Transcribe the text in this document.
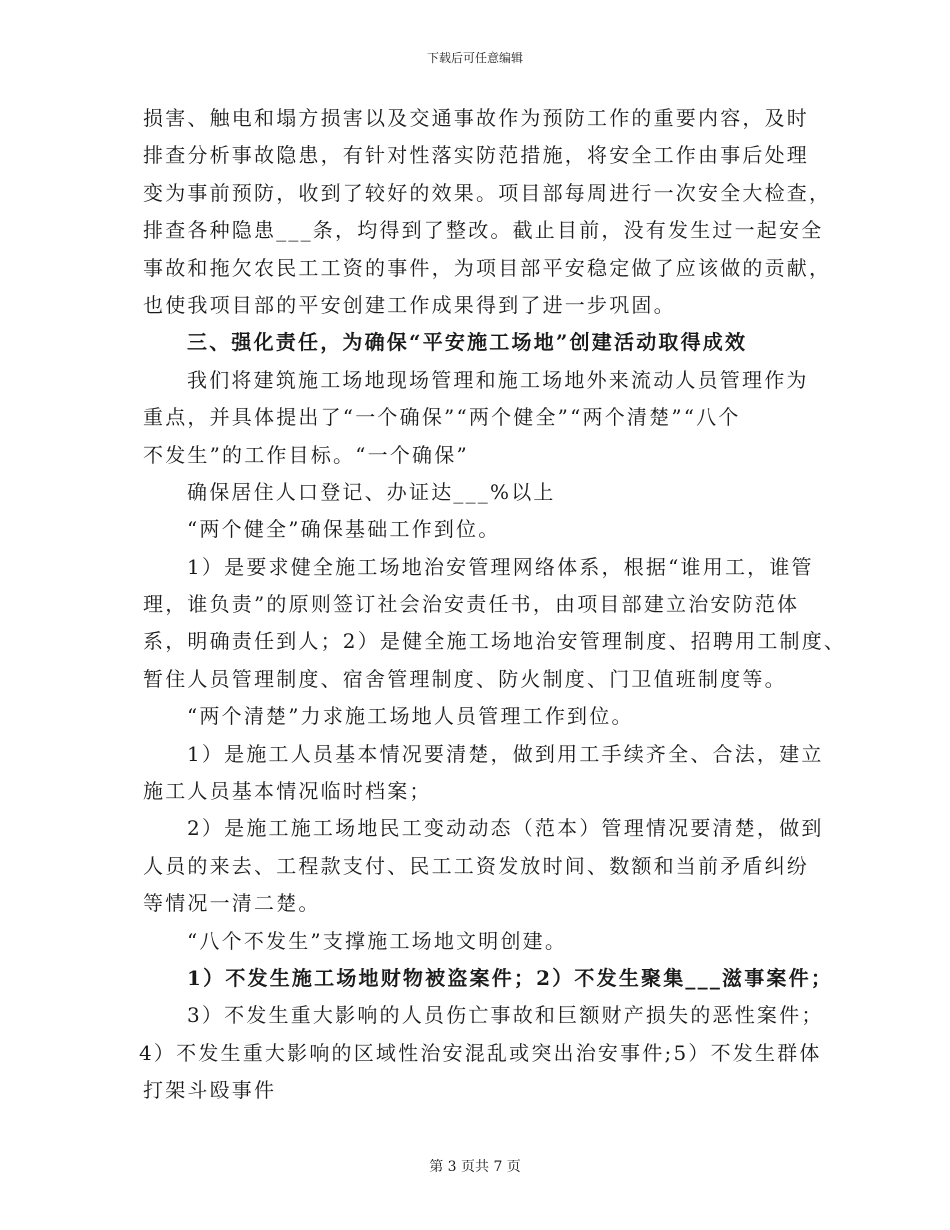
下载后可任意编辑
损害、触电和塌方损害以及交通事故作为预防工作的重要内容，及时
排查分析事故隐患，有针对性落实防范措施，将安全工作由事后处理
变为事前预防，收到了较好的效果。项目部每周进行一次安全大检查，
排查各种隐患___条，均得到了整改。截止目前，没有发生过一起安全
事故和拖欠农民工工资的事件，为项目部平安稳定做了应该做的贡献，
也使我项目部的平安创建工作成果得到了进一步巩固。
三、强化责任，为确保“平安施工场地”创建活动取得成效
我们将建筑施工场地现场管理和施工场地外来流动人员管理作为
重点，并具体提出了“一个确保”“两个健全”“两个清楚”“八个
不发生”的工作目标。“一个确保”
确保居住人口登记、办证达___%以上
“两个健全”确保基础工作到位。
1）是要求健全施工场地治安管理网络体系，根据“谁用工，谁管
理，谁负责”的原则签订社会治安责任书，由项目部建立治安防范体
系，明确责任到人；2）是健全施工场地治安管理制度、招聘用工制度、
暂住人员管理制度、宿舍管理制度、防火制度、门卫值班制度等。
“两个清楚”力求施工场地人员管理工作到位。
1）是施工人员基本情况要清楚，做到用工手续齐全、合法，建立
施工人员基本情况临时档案；
2）是施工施工场地民工变动动态（范本）管理情况要清楚，做到
人员的来去、工程款支付、民工工资发放时间、数额和当前矛盾纠纷
等情况一清二楚。
“八个不发生”支撑施工场地文明创建。
1）不发生施工场地财物被盗案件；2）不发生聚集___滋事案件；
3）不发生重大影响的人员伤亡事故和巨额财产损失的恶性案件；
4）不发生重大影响的区域性治安混乱或突出治安事件;5）不发生群体
打架斗殴事件
第 3 页共 7 页
